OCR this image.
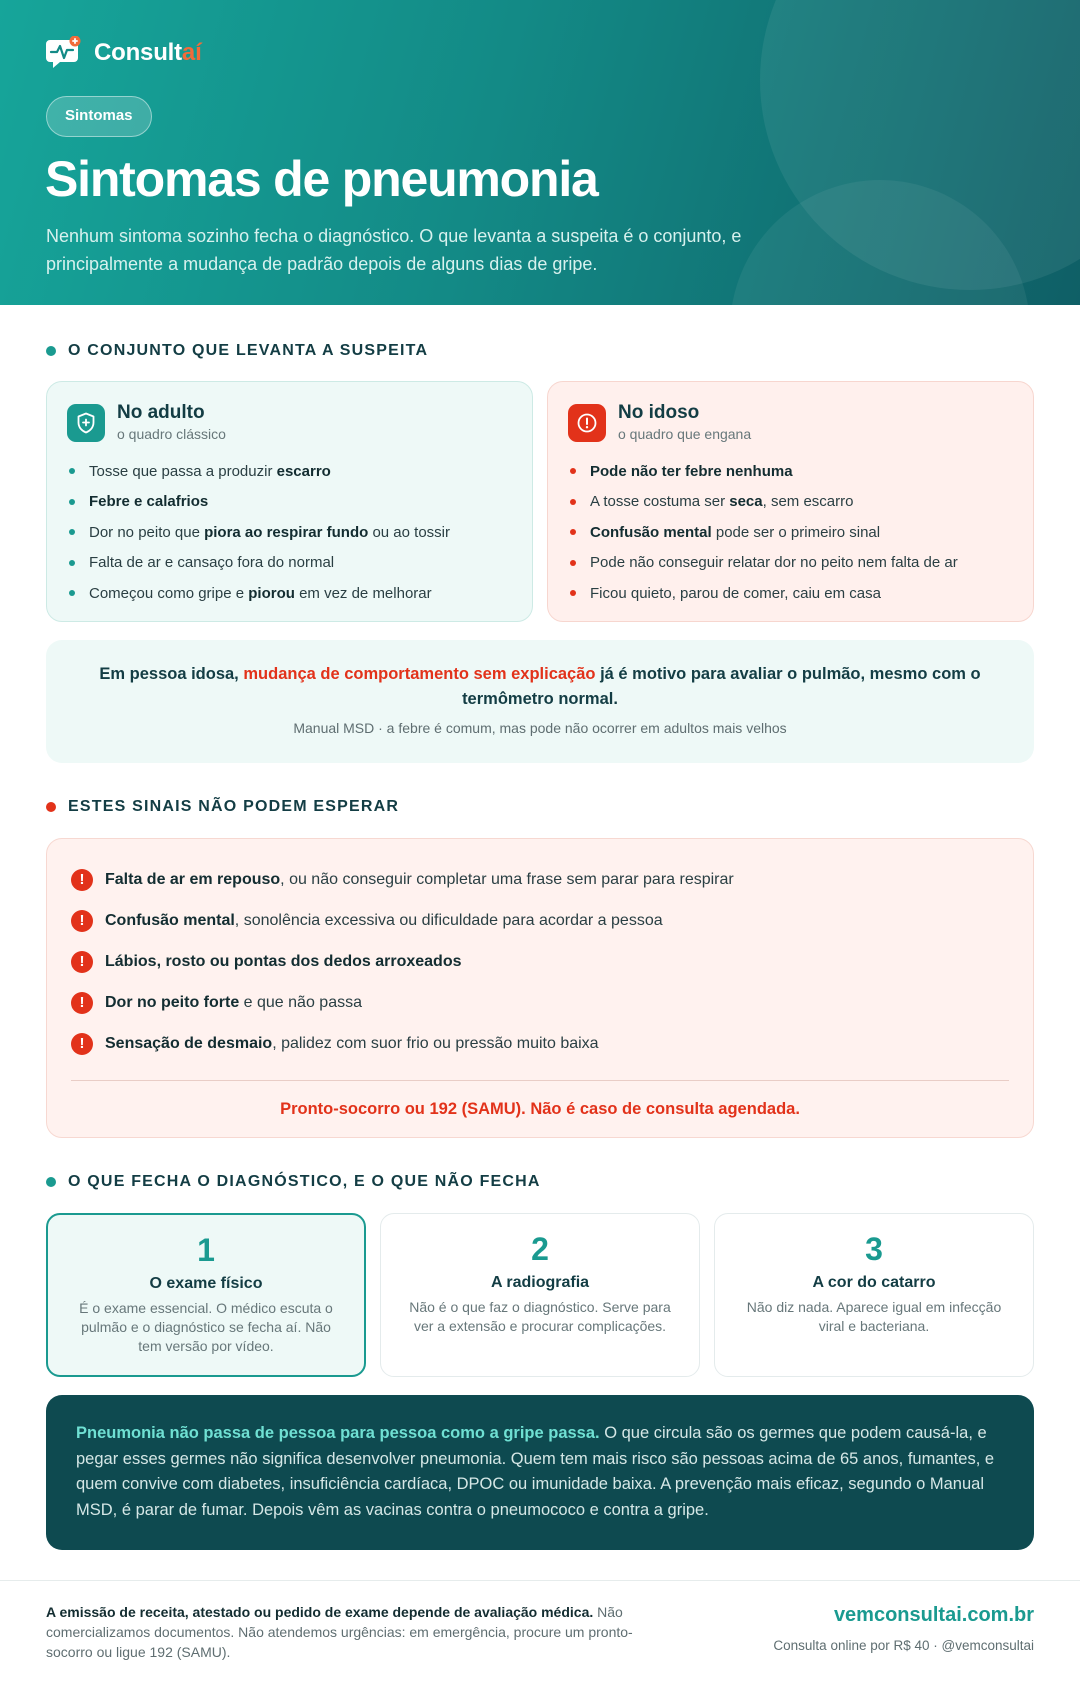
Consultaí
Sintomas
Sintomas de pneumonia

Nenhum sintoma sozinho fecha o diagnóstico. O que levanta a suspeita é o conjunto, e principalmente a mudança de padrão depois de alguns dias de gripe.

O CONJUNTO QUE LEVANTA A SUSPEITA
No adulto
o quadro clássico
Tosse que passa a produzir escarro
Febre e calafrios
Dor no peito que piora ao respirar fundo ou ao tossir
Falta de ar e cansaço fora do normal
Começou como gripe e piorou em vez de melhorar
No idoso
o quadro que engana
Pode não ter febre nenhuma
A tosse costuma ser seca, sem escarro
Confusão mental pode ser o primeiro sinal
Pode não conseguir relatar dor no peito nem falta de ar
Ficou quieto, parou de comer, caiu em casa
Em pessoa idosa, mudança de comportamento sem explicação já é motivo para avaliar o pulmão, mesmo com o termômetro normal.
Manual MSD · a febre é comum, mas pode não ocorrer em adultos mais velhos
ESTES SINAIS NÃO PODEM ESPERAR
!	Falta de ar em repouso, ou não conseguir completar uma frase sem parar para respirar
!	Confusão mental, sonolência excessiva ou dificuldade para acordar a pessoa
!	Lábios, rosto ou pontas dos dedos arroxeados
!	Dor no peito forte e que não passa
!	Sensação de desmaio, palidez com suor frio ou pressão muito baixa
Pronto-socorro ou 192 (SAMU). Não é caso de consulta agendada.
O QUE FECHA O DIAGNÓSTICO, E O QUE NÃO FECHA
1
O exame físico
É o exame essencial. O médico escuta o pulmão e o diagnóstico se fecha aí. Não tem versão por vídeo.
2
A radiografia
Não é o que faz o diagnóstico. Serve para ver a extensão e procurar complicações.
3
A cor do catarro
Não diz nada. Aparece igual em infecção viral e bacteriana.
Pneumonia não passa de pessoa para pessoa como a gripe passa. O que circula são os germes que podem causá-la, e pegar esses germes não significa desenvolver pneumonia. Quem tem mais risco são pessoas acima de 65 anos, fumantes, e quem convive com diabetes, insuficiência cardíaca, DPOC ou imunidade baixa. A prevenção mais eficaz, segundo o Manual MSD, é parar de fumar. Depois vêm as vacinas contra o pneumococo e contra a gripe.
A emissão de receita, atestado ou pedido de exame depende de avaliação médica. Não comercializamos documentos. Não atendemos urgências: em emergência, procure um pronto-socorro ou ligue 192 (SAMU).
vemconsultai.com.br
Consulta online por R$ 40 · @vemconsultai
